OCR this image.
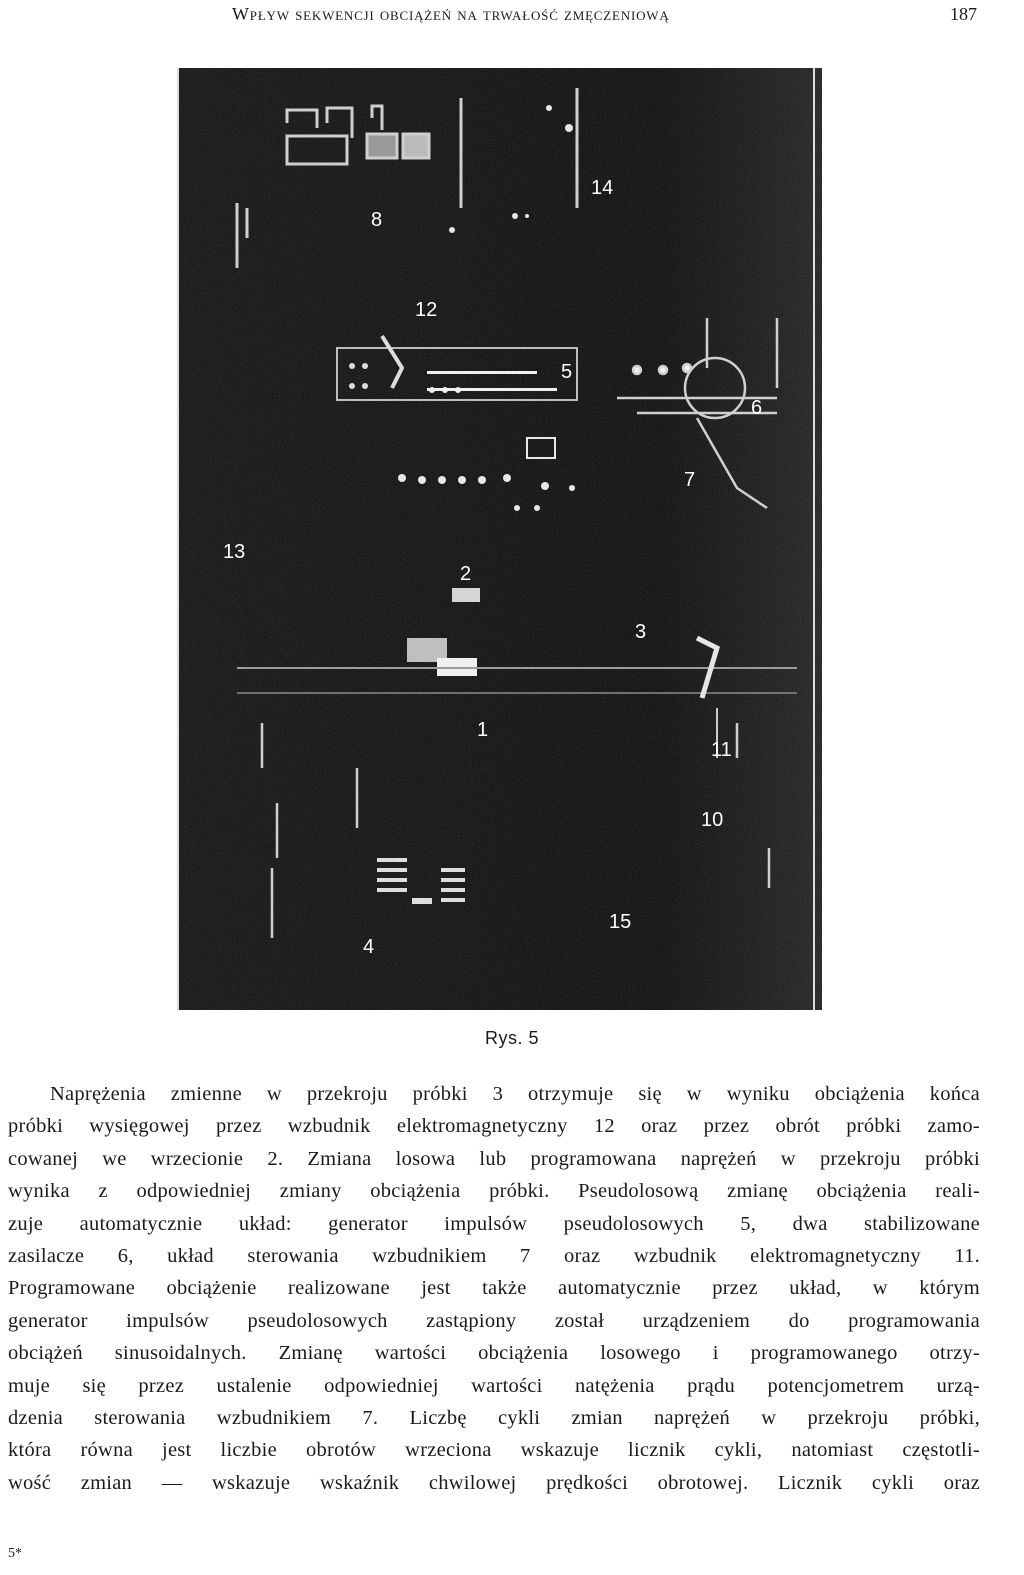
Wpływ sekwencji obciążeń na trwałość zmęczeniową	187
8
14
12
5
6
7
13
2
3
1
11
10
4
15
Rys. 5
Naprężenia zmienne w przekroju próbki 3 otrzymuje się w wyniku obciążenia końca
próbki wysięgowej przez wzbudnik elektromagnetyczny 12 oraz przez obrót próbki zamo-
cowanej we wrzecionie 2. Zmiana losowa lub programowana naprężeń w przekroju próbki
wynika z odpowiedniej zmiany obciążenia próbki. Pseudolosową zmianę obciążenia reali-
zuje automatycznie układ: generator impulsów pseudolosowych 5, dwa stabilizowane
zasilacze 6, układ sterowania wzbudnikiem 7 oraz wzbudnik elektromagnetyczny 11.
Programowane obciążenie realizowane jest także automatycznie przez układ, w którym
generator impulsów pseudolosowych zastąpiony został urządzeniem do programowania
obciążeń sinusoidalnych. Zmianę wartości obciążenia losowego i programowanego otrzy-
muje się przez ustalenie odpowiedniej wartości natężenia prądu potencjometrem urzą-
dzenia sterowania wzbudnikiem 7. Liczbę cykli zmian naprężeń w przekroju próbki,
która równa jest liczbie obrotów wrzeciona wskazuje licznik cykli, natomiast częstotli-
wość zmian — wskazuje wskaźnik chwilowej prędkości obrotowej. Licznik cykli oraz
5*
